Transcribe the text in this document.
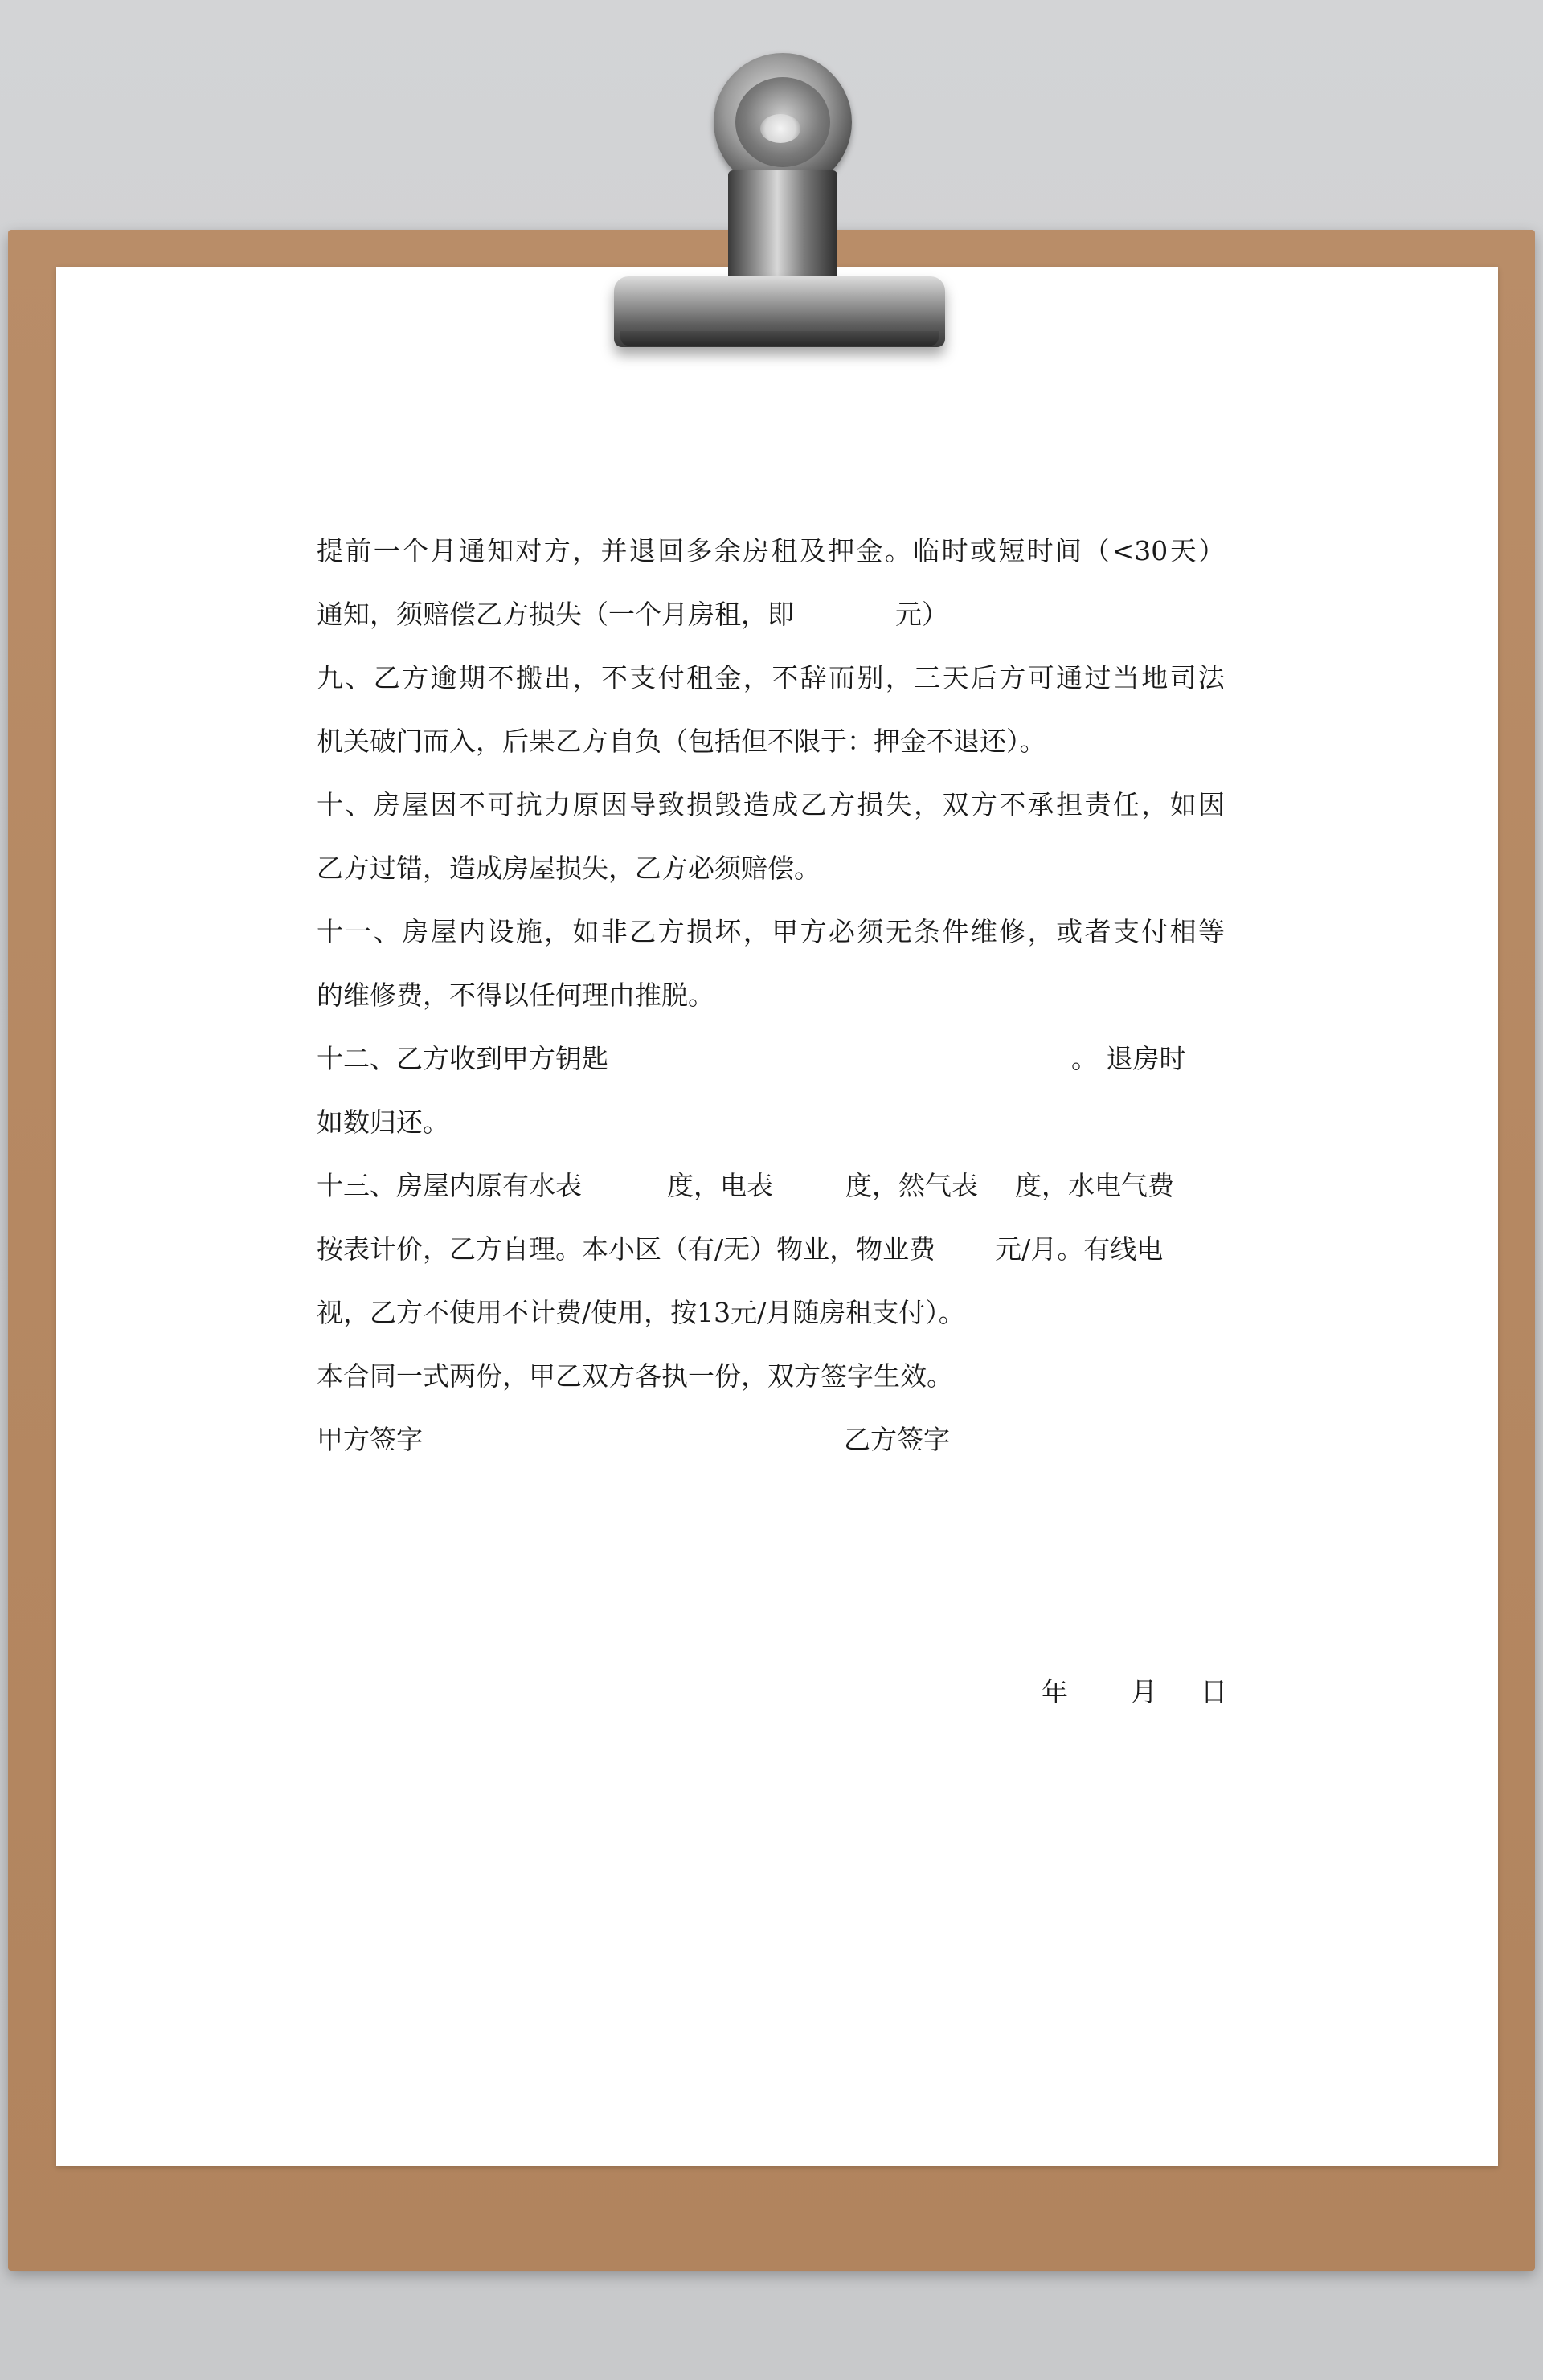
提前一个月通知对方，并退回多余房租及押金。临时或短时间（<30天）
通知，须赔偿乙方损失（一个月房租，即	元）
九、乙方逾期不搬出，不支付租金，不辞而别，三天后方可通过当地司法
机关破门而入，后果乙方自负（包括但不限于：押金不退还）。
十、房屋因不可抗力原因导致损毁造成乙方损失，双方不承担责任，如因
乙方过错，造成房屋损失，乙方必须赔偿。
十一、房屋内设施，如非乙方损坏，甲方必须无条件维修，或者支付相等
的维修费，不得以任何理由推脱。
十二、乙方收到甲方钥匙	。 退房时
如数归还。
十三、房屋内原有水表	度，电表	度，然气表 度，水电气费
按表计价，乙方自理。本小区（有/无）物业，物业费 元/月。有线电
视，乙方不使用不计费/使用，按13元/月随房租支付）。
本合同一式两份，甲乙双方各执一份，双方签字生效。
甲方签字	乙方签字
年 月 日
